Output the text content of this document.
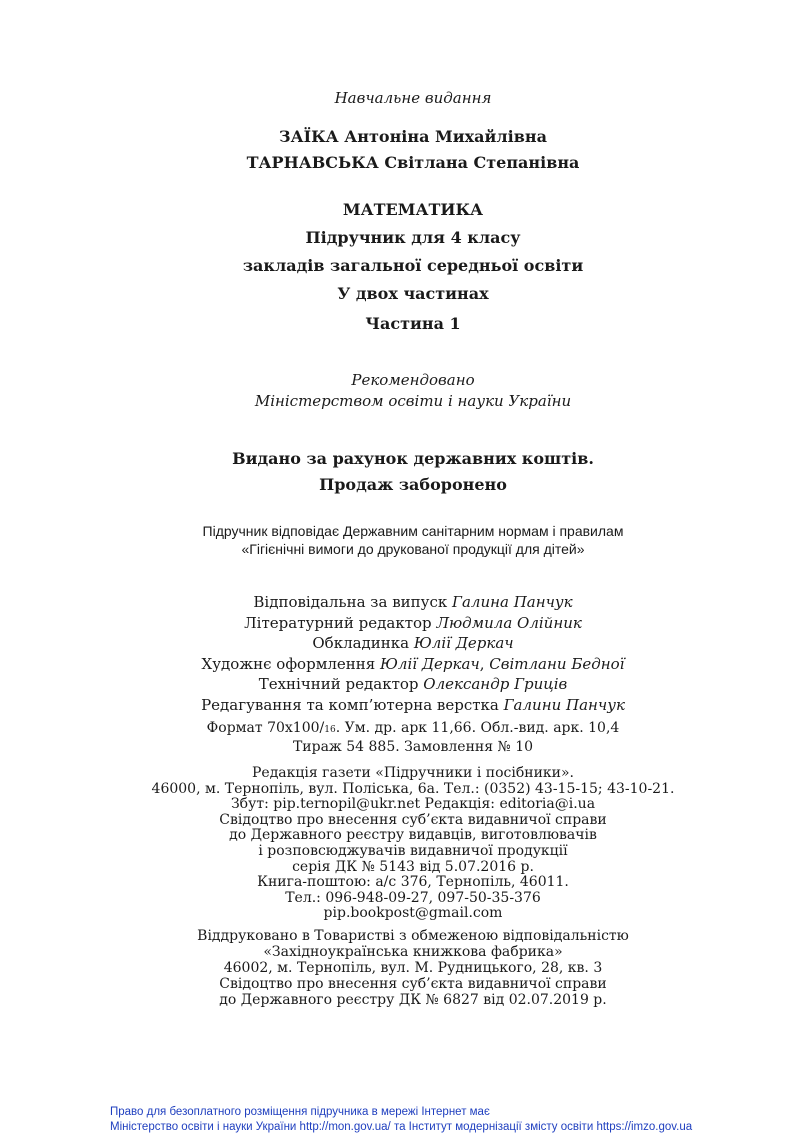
Навчальне видання
ЗАЇКА Антоніна Михайлівна
ТАРНАВСЬКА Світлана Степанівна
МАТЕМАТИКА
Підручник для 4 класу
закладів загальної середньої освіти
У двох частинах
Частина 1
Рекомендовано
Міністерством освіти і науки України
Видано за рахунок державних коштів.
Продаж заборонено
Підручник відповідає Державним санітарним нормам і правилам
«Гігієнічні вимоги до друкованої продукції для дітей»
Відповідальна за випуск Галина Панчук
Літературний редактор Людмила Олійник
Обкладинка Юлії Деркач
Художнє оформлення Юлії Деркач, Світлани Бедної
Технічний редактор Олександр Гриців
Редагування та комп’ютерна верстка Галини Панчук
Формат 70х100/16. Ум. др. арк 11,66. Обл.-вид. арк. 10,4
Тираж 54 885. Замовлення № 10
Редакція газети «Підручники і посібники».
46000, м. Тернопіль, вул. Поліська, 6а. Тел.: (0352) 43-15-15; 43-10-21.
Збут: pip.ternopil@ukr.net Редакція: editoria@i.ua
Свідоцтво про внесення суб’єкта видавничої справи
до Державного реєстру видавців, виготовлювачів
і розповсюджувачів видавничої продукції
серія ДК № 5143 від 5.07.2016 р.
Книга-поштою: а/с 376, Тернопіль, 46011.
Тел.: 096-948-09-27, 097-50-35-376
pip.bookpost@gmail.com
Віддруковано в Товаристві з обмеженою відповідальністю
«Західноукраїнська книжкова фабрика»
46002, м. Тернопіль, вул. М. Рудницького, 28, кв. 3
Свідоцтво про внесення суб’єкта видавничої справи
до Державного реєстру ДК № 6827 від 02.07.2019 р.
Право для безоплатного розміщення підручника в мережі Інтернет має
Міністерство освіти і науки України http://mon.gov.ua/ та Інститут модернізації змісту освіти https://imzo.gov.ua
